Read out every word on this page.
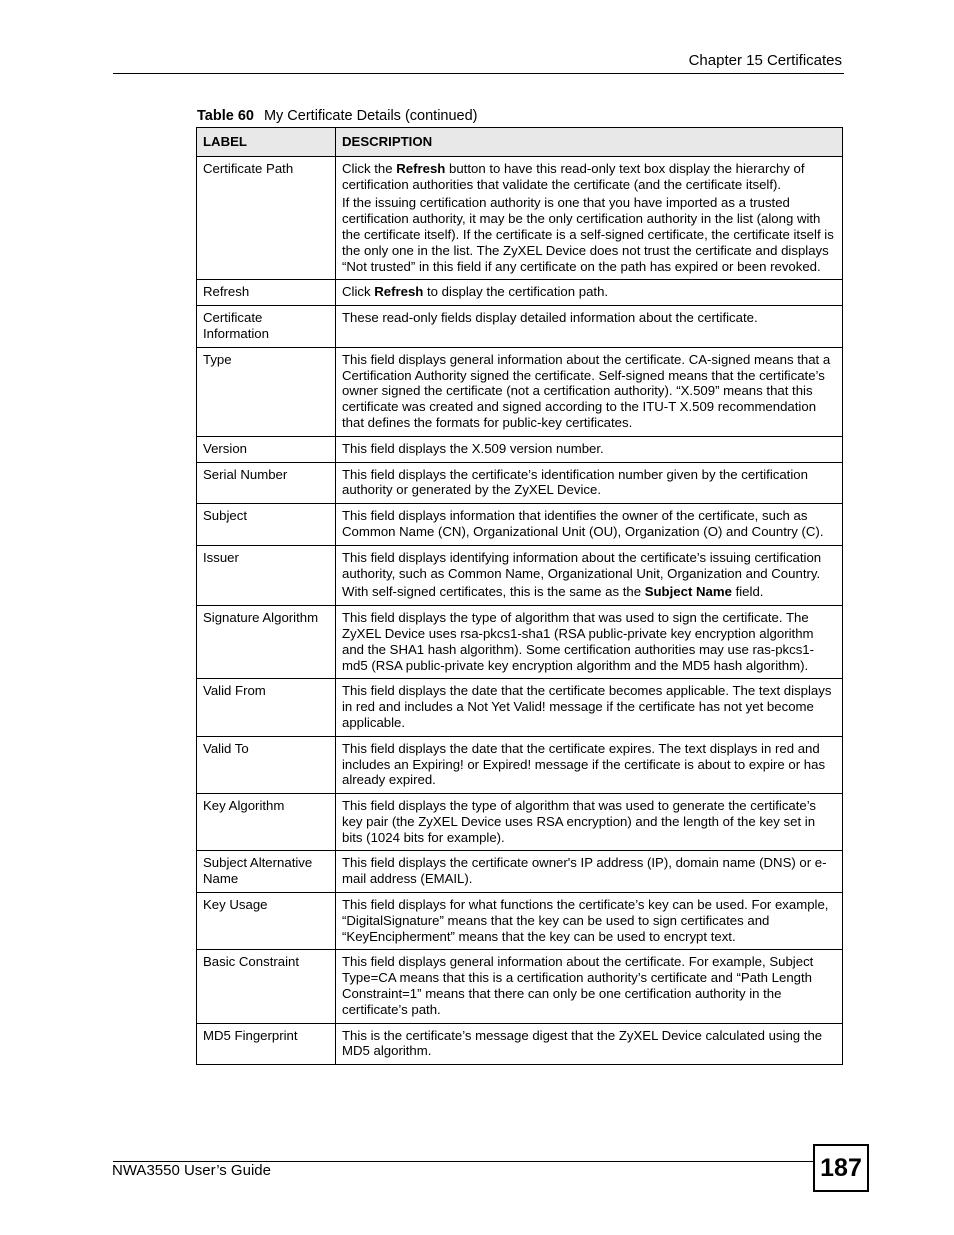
Chapter 15 Certificates
Table 60 My Certificate Details (continued)
LABEL	DESCRIPTION
Certificate Path	Click the Refresh button to have this read-only text box display the hierarchy of certification authorities that validate the certificate (and the certificate itself).

If the issuing certification authority is one that you have imported as a trusted certification authority, it may be the only certification authority in the list (along with the certificate itself). If the certificate is a self-signed certificate, the certificate itself is the only one in the list. The ZyXEL Device does not trust the certificate and displays “Not trusted” in this field if any certificate on the path has expired or been revoked.

Refresh	Click Refresh to display the certification path.

Certificate Information	These read-only fields display detailed information about the certificate.

Type	This field displays general information about the certificate. CA-signed means that a Certification Authority signed the certificate. Self-signed means that the certificate’s owner signed the certificate (not a certification authority). “X.509” means that this certificate was created and signed according to the ITU-T X.509 recommendation that defines the formats for public-key certificates.

Version	This field displays the X.509 version number.

Serial Number	This field displays the certificate’s identification number given by the certification authority or generated by the ZyXEL Device.

Subject	This field displays information that identifies the owner of the certificate, such as Common Name (CN), Organizational Unit (OU), Organization (O) and Country (C).

Issuer	This field displays identifying information about the certificate’s issuing certification authority, such as Common Name, Organizational Unit, Organization and Country.

With self-signed certificates, this is the same as the Subject Name field.

Signature Algorithm	This field displays the type of algorithm that was used to sign the certificate. The ZyXEL Device uses rsa-pkcs1-sha1 (RSA public-private key encryption algorithm and the SHA1 hash algorithm). Some certification authorities may use ras-pkcs1-md5 (RSA public-private key encryption algorithm and the MD5 hash algorithm).

Valid From	This field displays the date that the certificate becomes applicable. The text displays in red and includes a Not Yet Valid! message if the certificate has not yet become applicable.

Valid To	This field displays the date that the certificate expires. The text displays in red and includes an Expiring! or Expired! message if the certificate is about to expire or has already expired.

Key Algorithm	This field displays the type of algorithm that was used to generate the certificate’s key pair (the ZyXEL Device uses RSA encryption) and the length of the key set in bits (1024 bits for example).

Subject Alternative Name	This field displays the certificate owner's IP address (IP), domain name (DNS) or e-mail address (EMAIL).

Key Usage	This field displays for what functions the certificate’s key can be used. For example, “DigitalSignature” means that the key can be used to sign certificates and “KeyEncipherment” means that the key can be used to encrypt text.

Basic Constraint	This field displays general information about the certificate. For example, Subject Type=CA means that this is a certification authority’s certificate and “Path Length Constraint=1” means that there can only be one certification authority in the certificate’s path.

MD5 Fingerprint	This is the certificate’s message digest that the ZyXEL Device calculated using the MD5 algorithm.

NWA3550 User’s Guide	187
